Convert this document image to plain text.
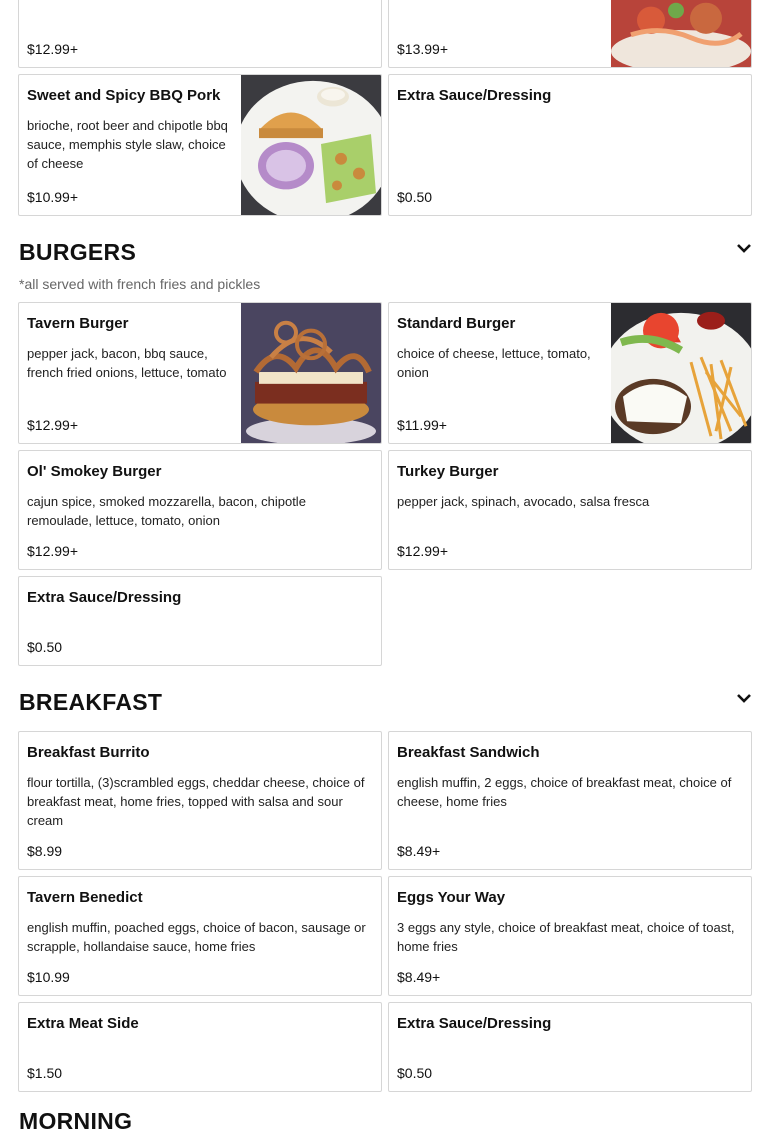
$12.99+	$13.99+
Sweet and Spicy BBQ Pork
brioche, root beer and chipotle bbq sauce, memphis style slaw, choice of cheese
$10.99+
Extra Sauce/Dressing
$0.50
BURGERS
*all served with french fries and pickles
Tavern Burger
pepper jack, bacon, bbq sauce, french fried onions, lettuce, tomato
$12.99+
Standard Burger
choice of cheese, lettuce, tomato, onion
$11.99+
Ol' Smokey Burger
cajun spice, smoked mozzarella, bacon, chipotle remoulade, lettuce, tomato, onion
$12.99+
Turkey Burger
pepper jack, spinach, avocado, salsa fresca
$12.99+
Extra Sauce/Dressing
$0.50
BREAKFAST
Breakfast Burrito
flour tortilla, (3)scrambled eggs, cheddar cheese, choice of breakfast meat, home fries, topped with salsa and sour cream
$8.99
Breakfast Sandwich
english muffin, 2 eggs, choice of breakfast meat, choice of cheese, home fries
$8.49+
Tavern Benedict
english muffin, poached eggs, choice of bacon, sausage or scrapple, hollandaise sauce, home fries
$10.99
Eggs Your Way
3 eggs any style, choice of breakfast meat, choice of toast, home fries
$8.49+
Extra Meat Side
$1.50
Extra Sauce/Dressing
$0.50
MORNING
